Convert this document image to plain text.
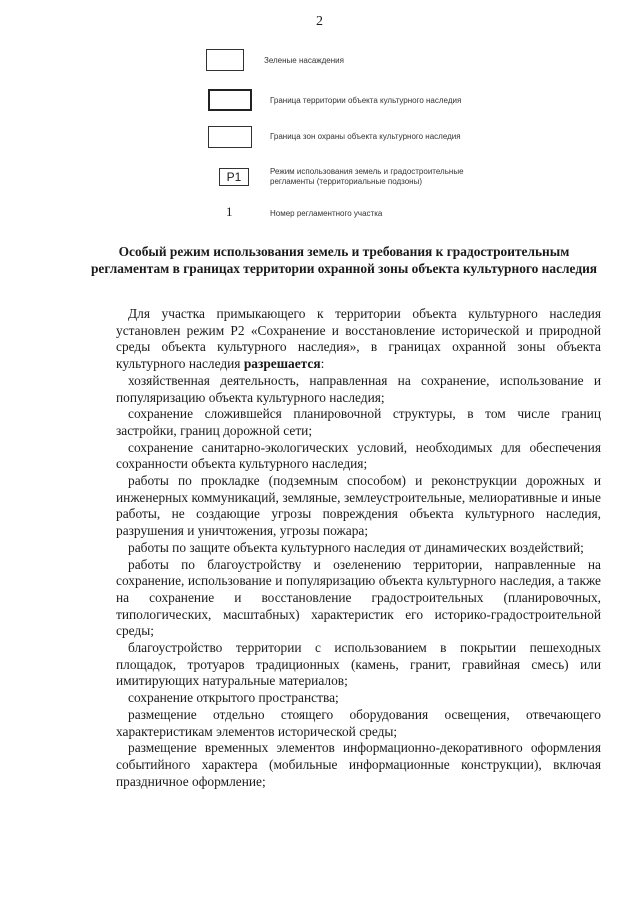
2
Зеленые насаждения
Граница территории объекта культурного наследия
Граница зон охраны объекта культурного наследия
Р1	Режим использования земель и градостроительные
регламенты (территориальные подзоны)
1	Номер регламентного участка
Особый режим использования земель и требования к градостроительным регламентам в границах территории охранной зоны объекта культурного наследия

Для участка примыкающего к территории объекта культурного наследия установлен режим Р2 «Сохранение и восстановление исторической и природной среды объекта культурного наследия», в границах охранной зоны объекта культурного наследия разрешается:

хозяйственная деятельность, направленная на сохранение, использование и популяризацию объекта культурного наследия;

сохранение сложившейся планировочной структуры, в том числе границ застройки, границ дорожной сети;

сохранение санитарно-экологических условий, необходимых для обеспечения сохранности объекта культурного наследия;

работы по прокладке (подземным способом) и реконструкции дорожных и инженерных коммуникаций, земляные, землеустроительные, мелиоративные и иные работы, не создающие угрозы повреждения объекта культурного наследия, разрушения и уничтожения, угрозы пожара;

работы по защите объекта культурного наследия от динамических воздействий;

работы по благоустройству и озеленению территории, направленные на сохранение, использование и популяризацию объекта культурного наследия, а также на сохранение и восстановление градостроительных (планировочных, типологических, масштабных) характеристик его историко-градостроительной среды;

благоустройство территории с использованием в покрытии пешеходных площадок, тротуаров традиционных (камень, гранит, гравийная смесь) или имитирующих натуральные материалов;

сохранение открытого пространства;

размещение отдельно стоящего оборудования освещения, отвечающего характеристикам элементов исторической среды;

размещение временных элементов информационно-декоративного оформления событийного характера (мобильные информационные конструкции), включая праздничное оформление;
